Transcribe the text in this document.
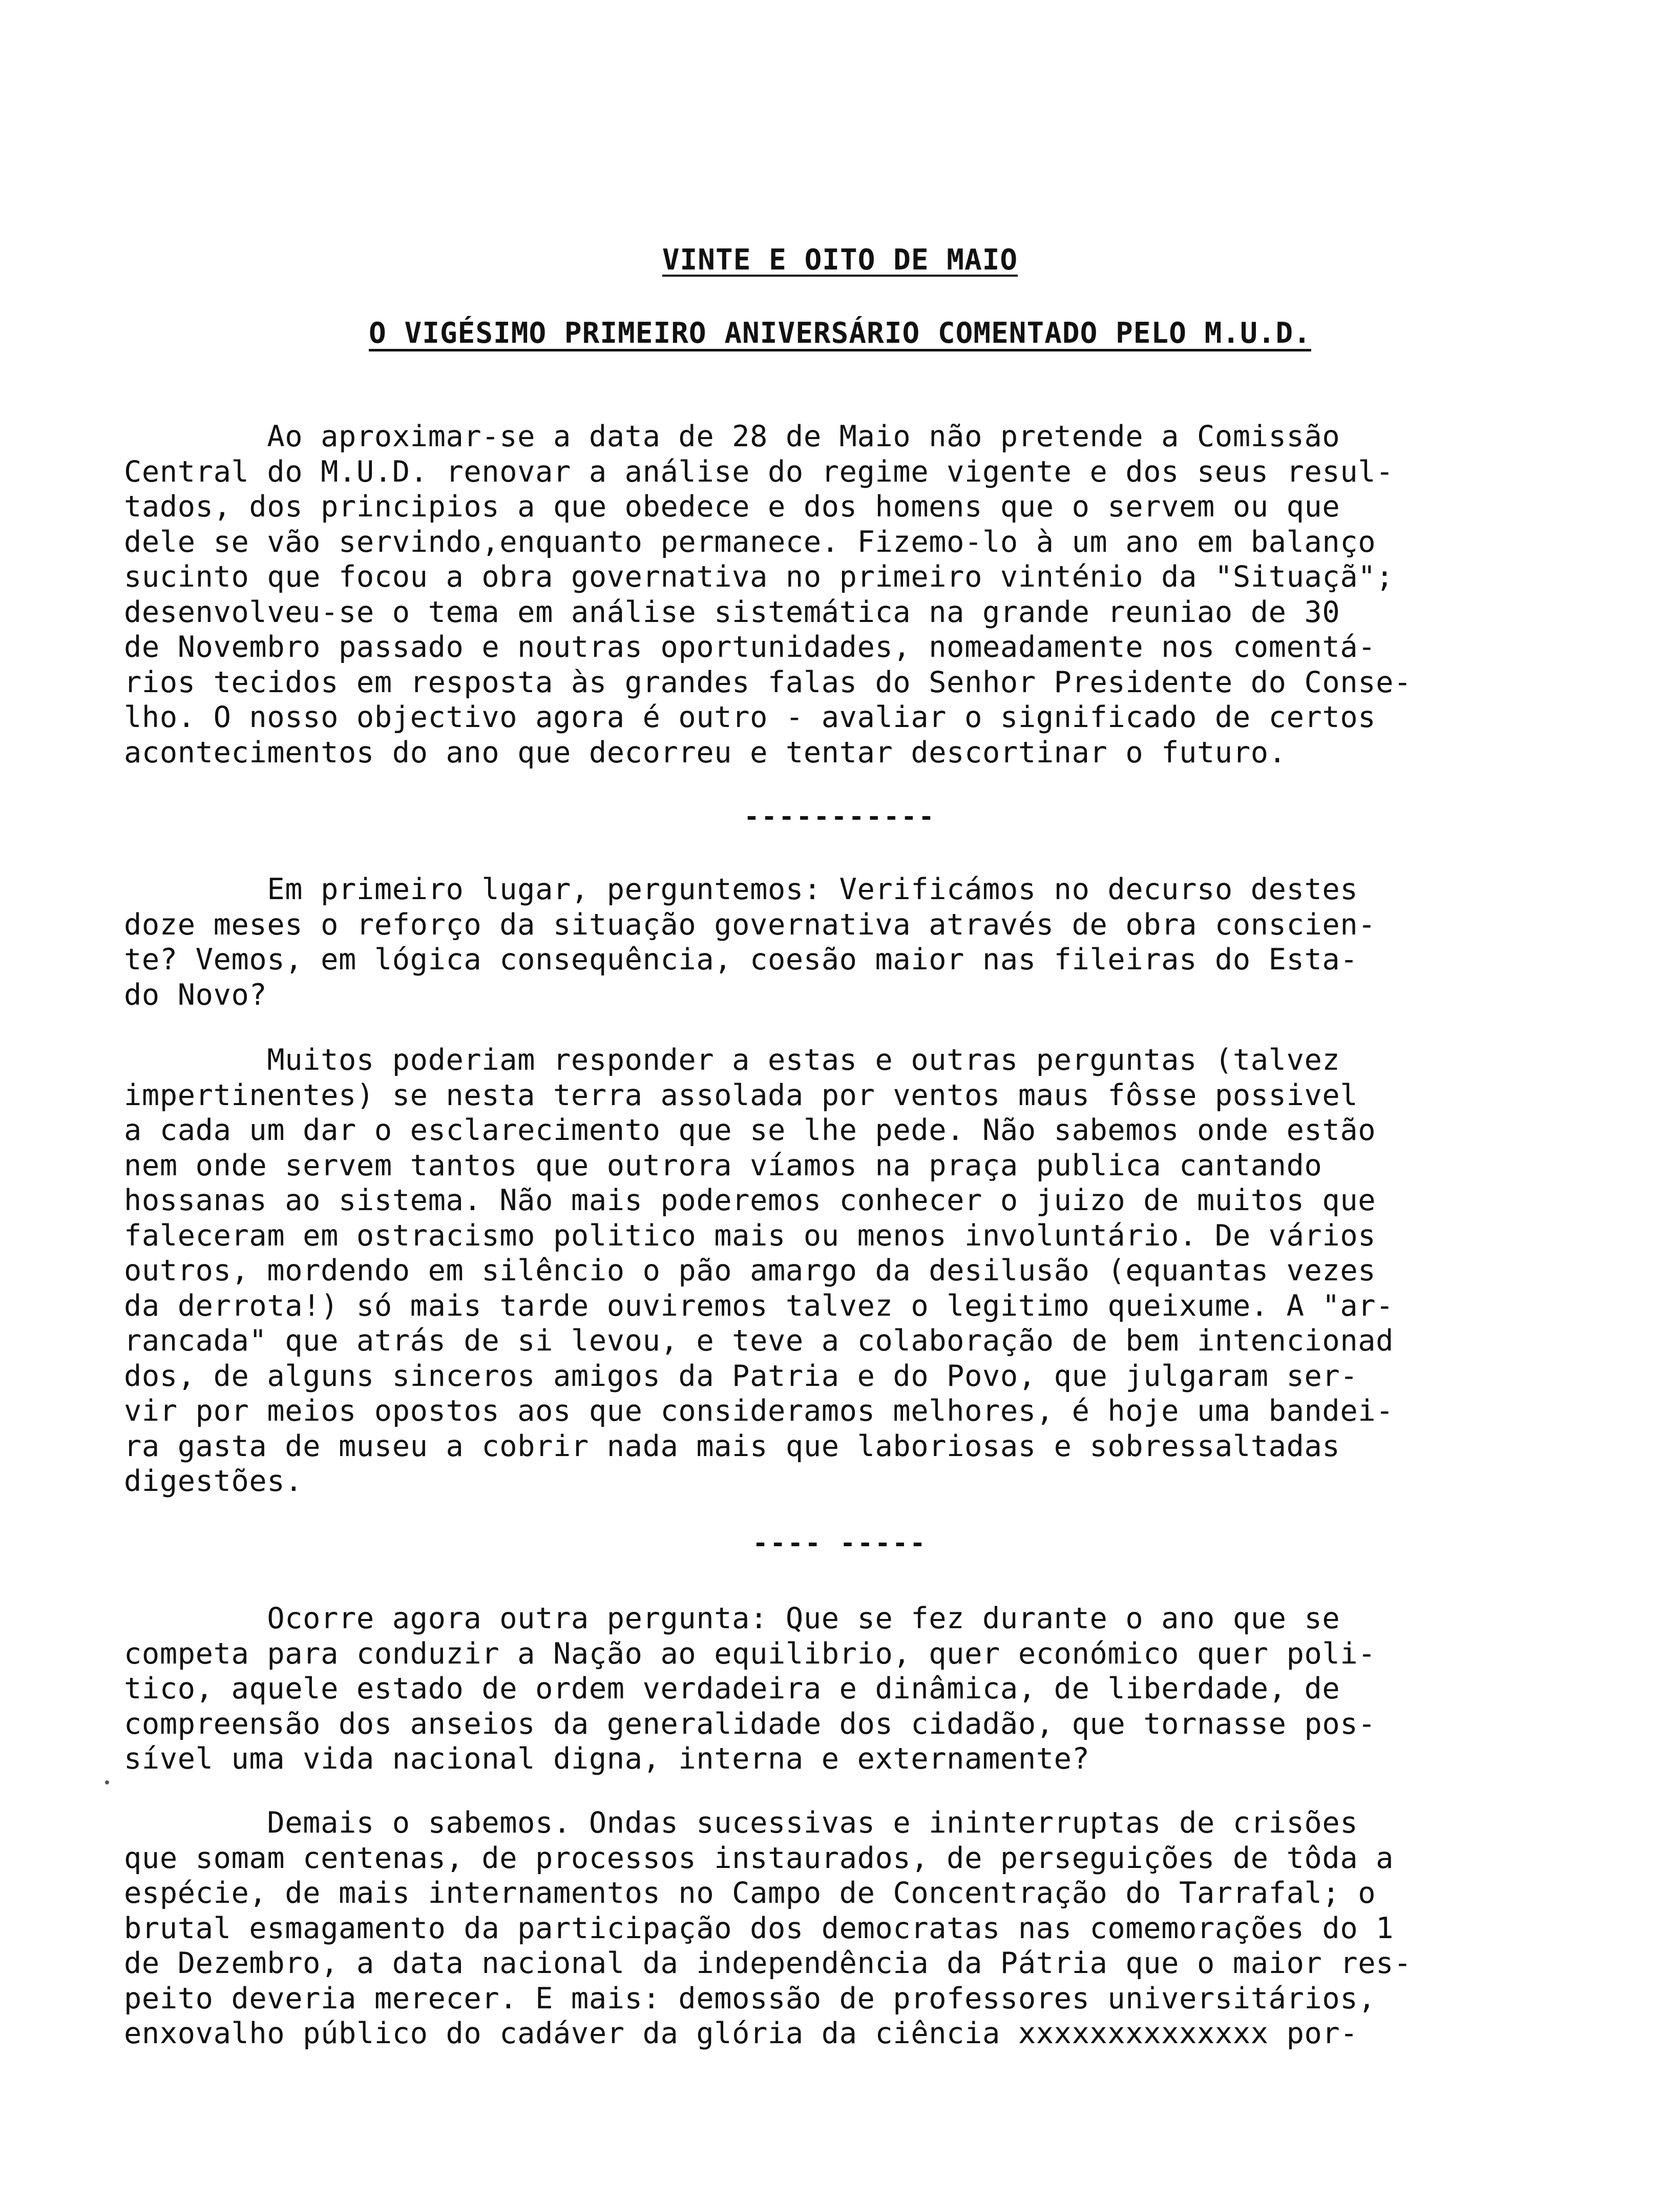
VINTE E OITO DE MAIO
O VIGÉSIMO PRIMEIRO ANIVERSÁRIO COMENTADO PELO M.U.D.
Ao aproximar-se a data de 28 de Maio não pretende a Comissão
Central do M.U.D. renovar a análise do regime vigente e dos seus resul-
tados, dos principios a que obedece e dos homens que o servem ou que
dele se vão servindo,enquanto permanece. Fizemo-lo à um ano em balanço
sucinto que focou a obra governativa no primeiro vinténio da "Situaçã";
desenvolveu-se o tema em análise sistemática na grande reuniao de 30
de Novembro passado e noutras oportunidades, nomeadamente nos comentá-
rios tecidos em resposta às grandes falas do Senhor Presidente do Conse-
lho. O nosso objectivo agora é outro - avaliar o significado de certos
acontecimentos do ano que decorreu e tentar descortinar o futuro.
-----------
Em primeiro lugar, perguntemos: Verificámos no decurso destes
doze meses o reforço da situação governativa através de obra conscien-
te? Vemos, em lógica consequência, coesão maior nas fileiras do Esta-
do Novo?
Muitos poderiam responder a estas e outras perguntas (talvez
impertinentes) se nesta terra assolada por ventos maus fôsse possivel
a cada um dar o esclarecimento que se lhe pede. Não sabemos onde estão
nem onde servem tantos que outrora víamos na praça publica cantando
hossanas ao sistema. Não mais poderemos conhecer o juizo de muitos que
faleceram em ostracismo politico mais ou menos involuntário. De vários
outros, mordendo em silêncio o pão amargo da desilusão (equantas vezes
da derrota!) só mais tarde ouviremos talvez o legitimo queixume. A "ar-
rancada" que atrás de si levou, e teve a colaboração de bem intencionad
dos, de alguns sinceros amigos da Patria e do Povo, que julgaram ser-
vir por meios opostos aos que consideramos melhores, é hoje uma bandei-
ra gasta de museu a cobrir nada mais que laboriosas e sobressaltadas
digestões.
---- -----
Ocorre agora outra pergunta: Que se fez durante o ano que se
competa para conduzir a Nação ao equilibrio, quer económico quer poli-
tico, aquele estado de ordem verdadeira e dinâmica, de liberdade, de
compreensão dos anseios da generalidade dos cidadão, que tornasse pos-
sível uma vida nacional digna, interna e externamente?
Demais o sabemos. Ondas sucessivas e ininterruptas de crisões
que somam centenas, de processos instaurados, de perseguições de tôda a
espécie, de mais internamentos no Campo de Concentração do Tarrafal; o
brutal esmagamento da participação dos democratas nas comemorações do 1
de Dezembro, a data nacional da independência da Pátria que o maior res-
peito deveria merecer. E mais: demossão de professores universitários,
enxovalho público do cadáver da glória da ciência xxxxxxxxxxxxxx por-
